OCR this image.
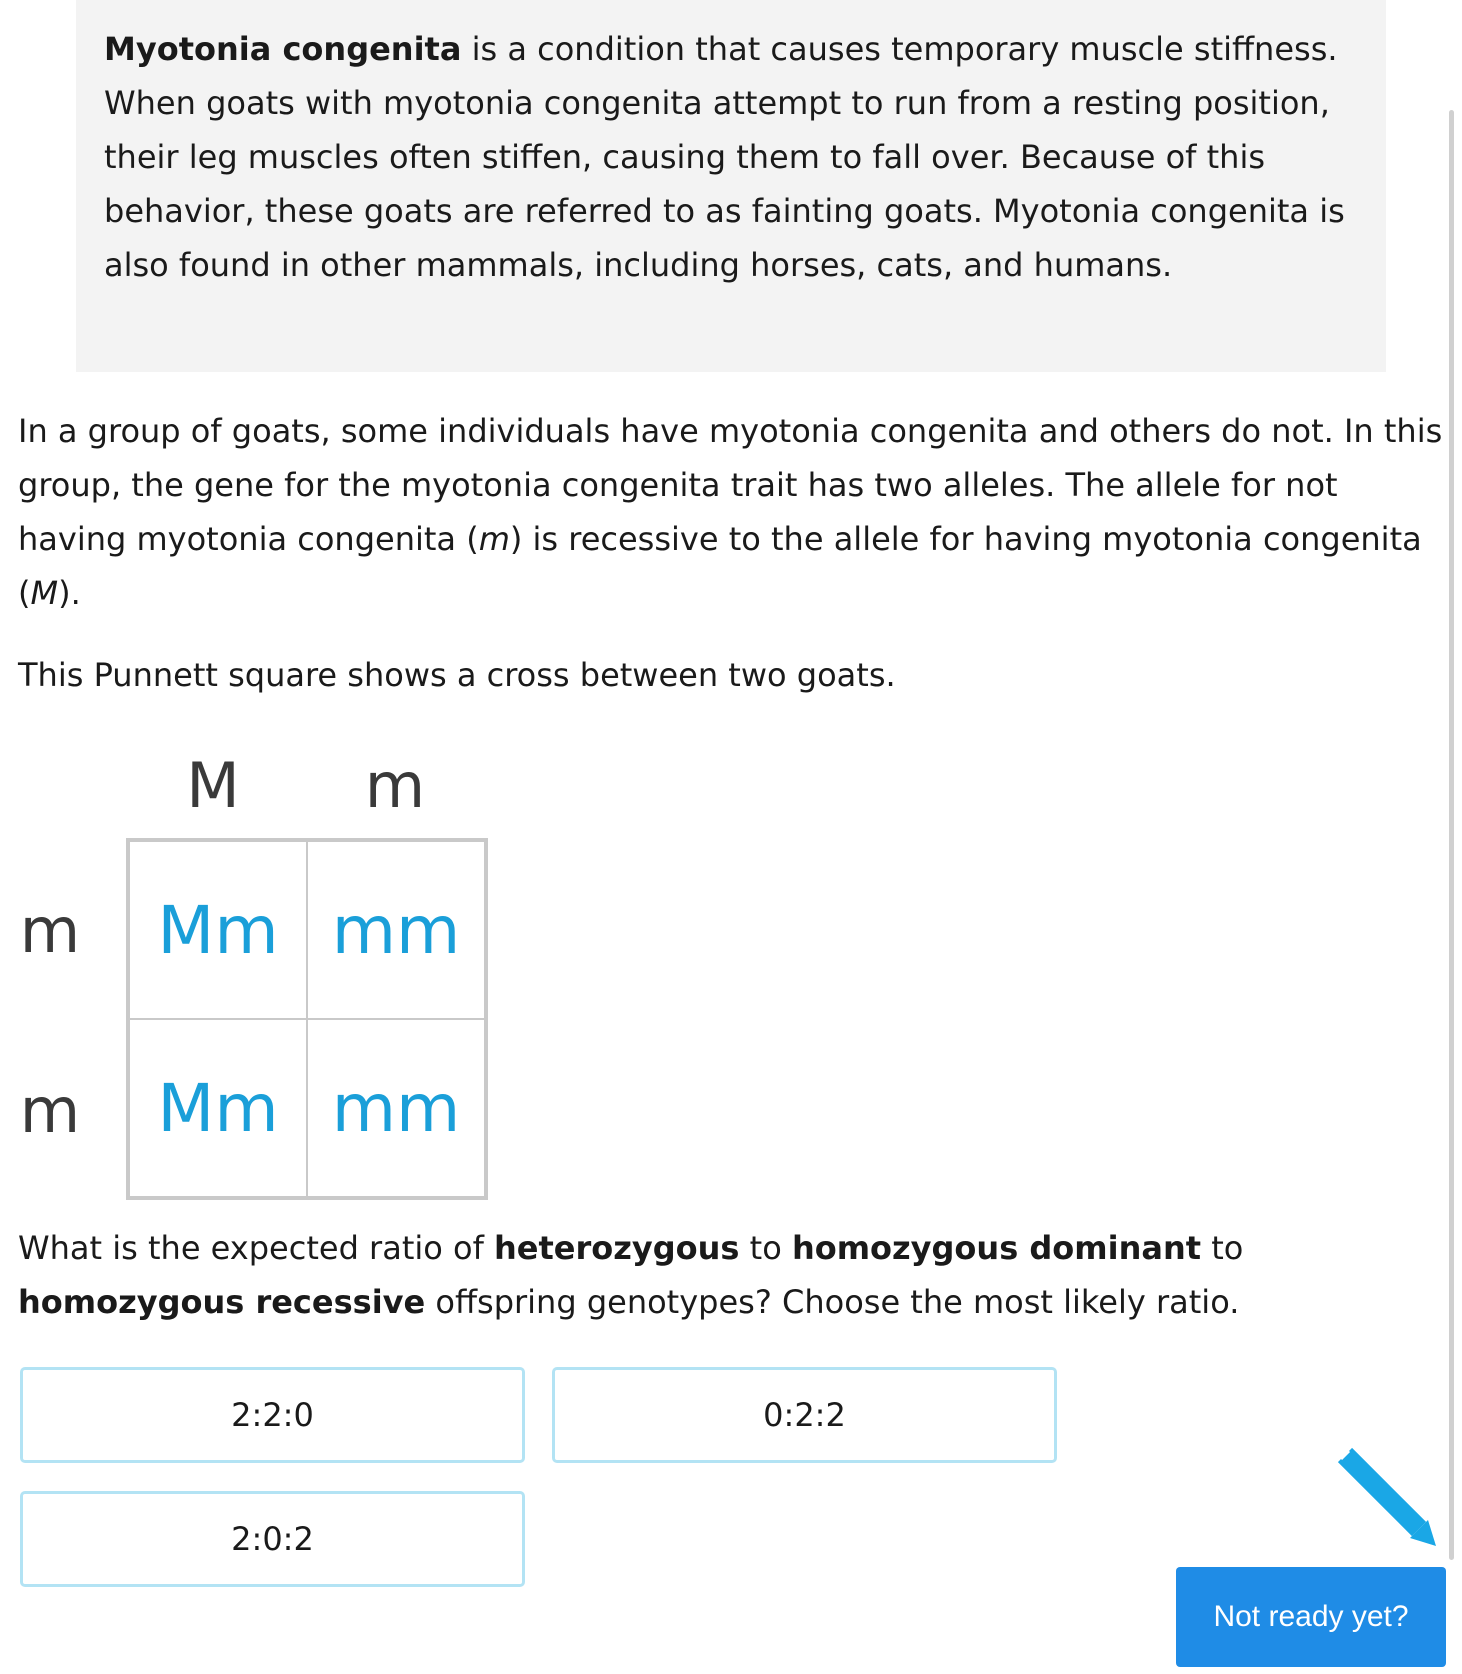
Myotonia congenita is a condition that causes temporary muscle stiffness. When goats with myotonia congenita attempt to run from a resting position, their leg muscles often stiffen, causing them to fall over. Because of this behavior, these goats are referred to as fainting goats. Myotonia congenita is also found in other mammals, including horses, cats, and humans.

In a group of goats, some individuals have myotonia congenita and others do not. In this group, the gene for the myotonia congenita trait has two alleles. The allele for not having myotonia congenita (m) is recessive to the allele for having myotonia congenita (M).

This Punnett square shows a cross between two goats.

M	m
m
m
Mm mm
Mm mm

What is the expected ratio of heterozygous to homozygous dominant to homozygous recessive offspring genotypes? Choose the most likely ratio.

2:2:0	0:2:2
2:0:2
Not ready yet?
